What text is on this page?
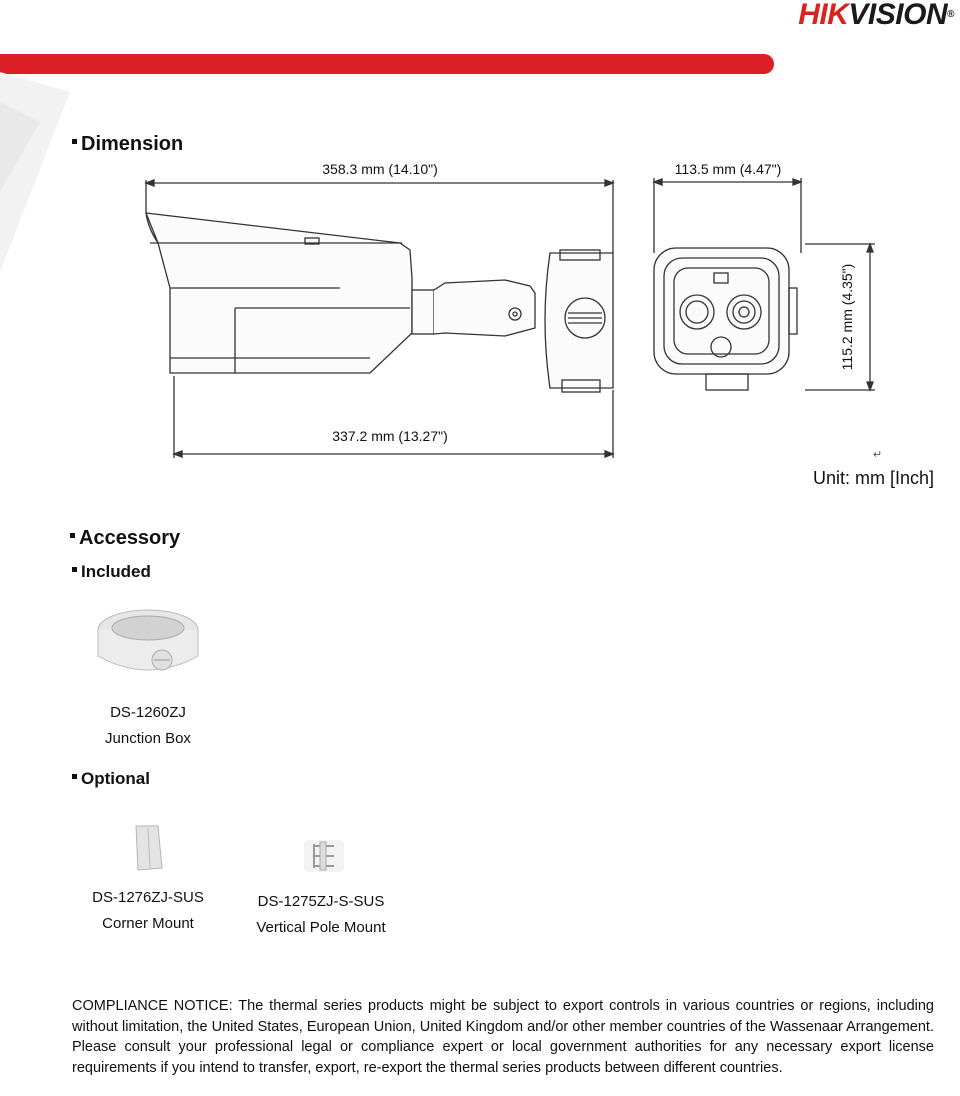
HIKVISION®
Dimension
358.3 mm (14.10")
337.2 mm (13.27")
113.5 mm (4.47")
115.2 mm (4.35")
↵
Unit: mm [Inch]
Accessory
Included
DS-1260ZJ
Junction Box
Optional
DS-1276ZJ-SUS
Corner Mount
DS-1275ZJ-S-SUS
Vertical Pole Mount
COMPLIANCE NOTICE: The thermal series products might be subject to export controls in various countries or regions, including without limitation, the United States, European Union, United Kingdom and/or other member countries of the Wassenaar Arrangement. Please consult your professional legal or compliance expert or local government authorities for any necessary export license requirements if you intend to transfer, export, re-export the thermal series products between different countries.
